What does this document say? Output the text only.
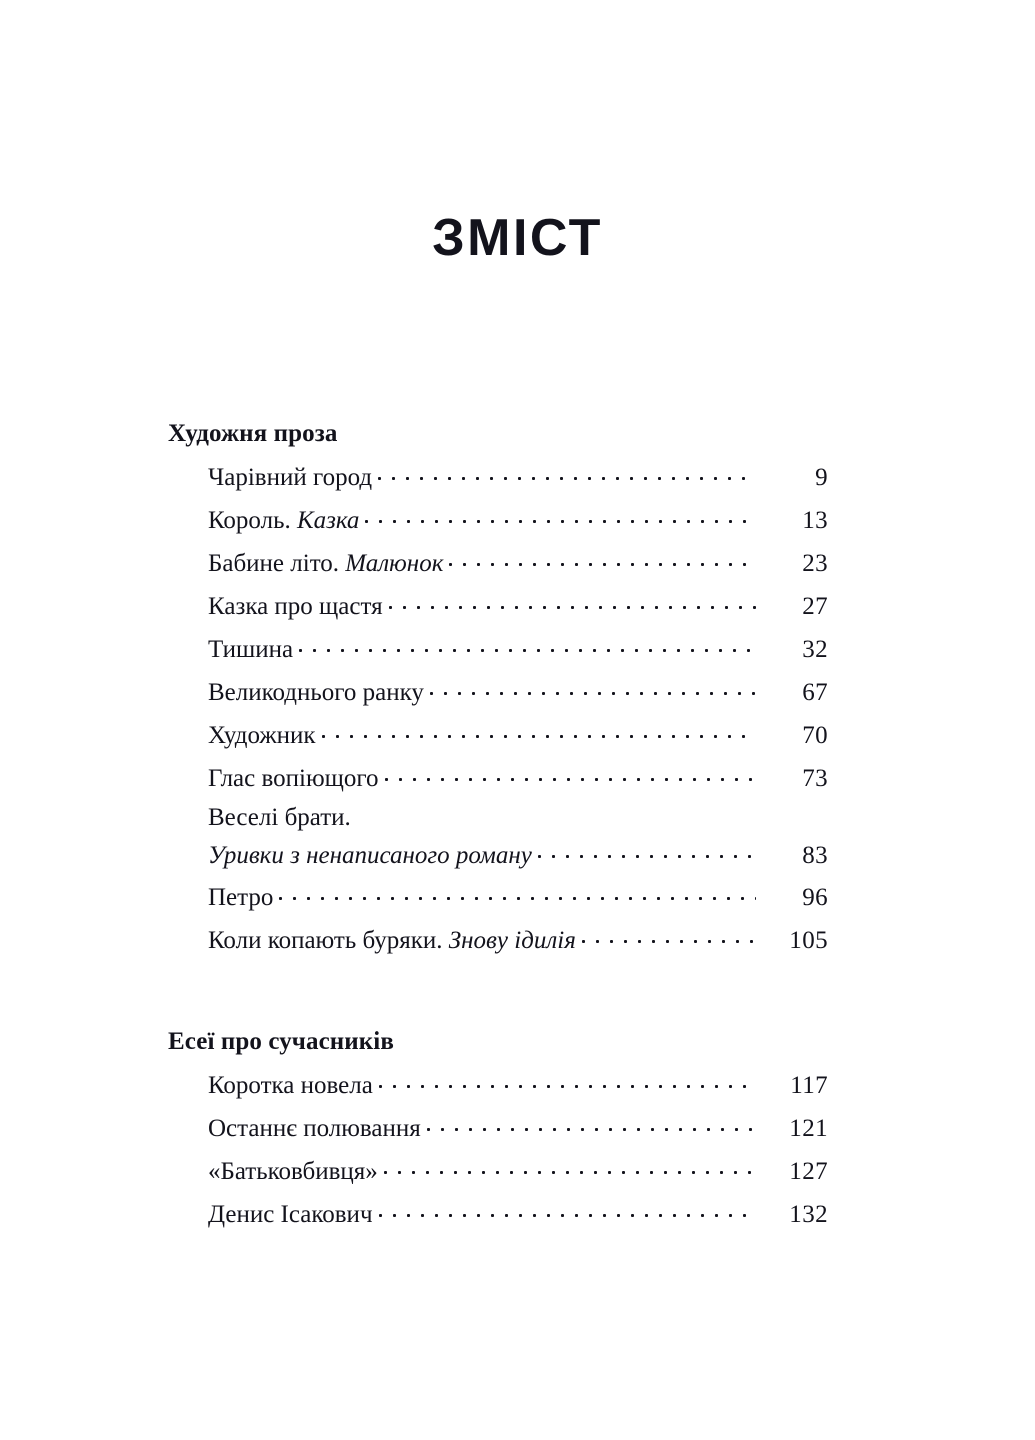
ЗМІСТ
Художня проза
Чарівний город	9
Король. Казка	13
Бабине літо. Малюнок	23
Казка про щастя	27
Тишина	32
Великоднього ранку	67
Художник	70
Глас вопіющого	73
Веселі брати.
Уривки з ненаписаного роману	83
Петро	96
Коли копають буряки. Знову ідилія	105
Есеї про сучасників
Коротка новела	117
Останнє полювання	121
«Батьковбивця»	127
Денис Ісакович	132
